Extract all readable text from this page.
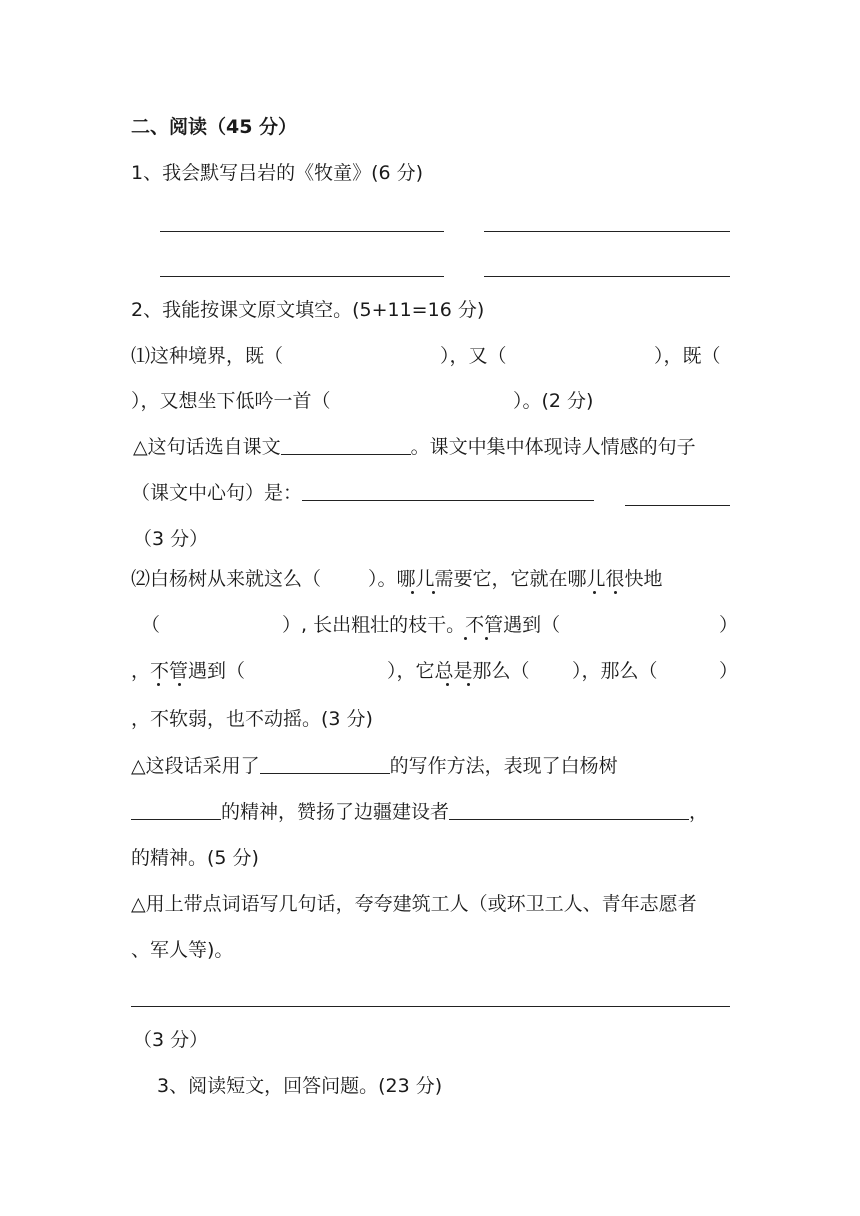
二、阅读（45 分）
1、我会默写吕岩的《牧童》(6 分)
2、我能按课文原文填空。(5+11=16 分)
⑴这种境界，既（	），又（	），既（
），又想坐下低吟一首（	）。(2 分)
△这句话选自课文	。课文中集中体现诗人情感的句子
（课文中心句）是：
（3 分）
⑵白杨树从来就这么（ ）。哪儿需要它，它就在哪儿很快地
（	）, 长出粗壮的枝干。不管遇到（	）
，不管遇到（	），它总是那么（ ），那么（	）
，不软弱，也不动摇。(3 分)
△这段话采用了	的写作方法，表现了白杨树
的精神，赞扬了边疆建设者	，
的精神。(5 分)
△用上带点词语写几句话，夸夸建筑工人（或环卫工人、青年志愿者
、军人等)。
（3 分）
3、阅读短文，回答问题。(23 分)
